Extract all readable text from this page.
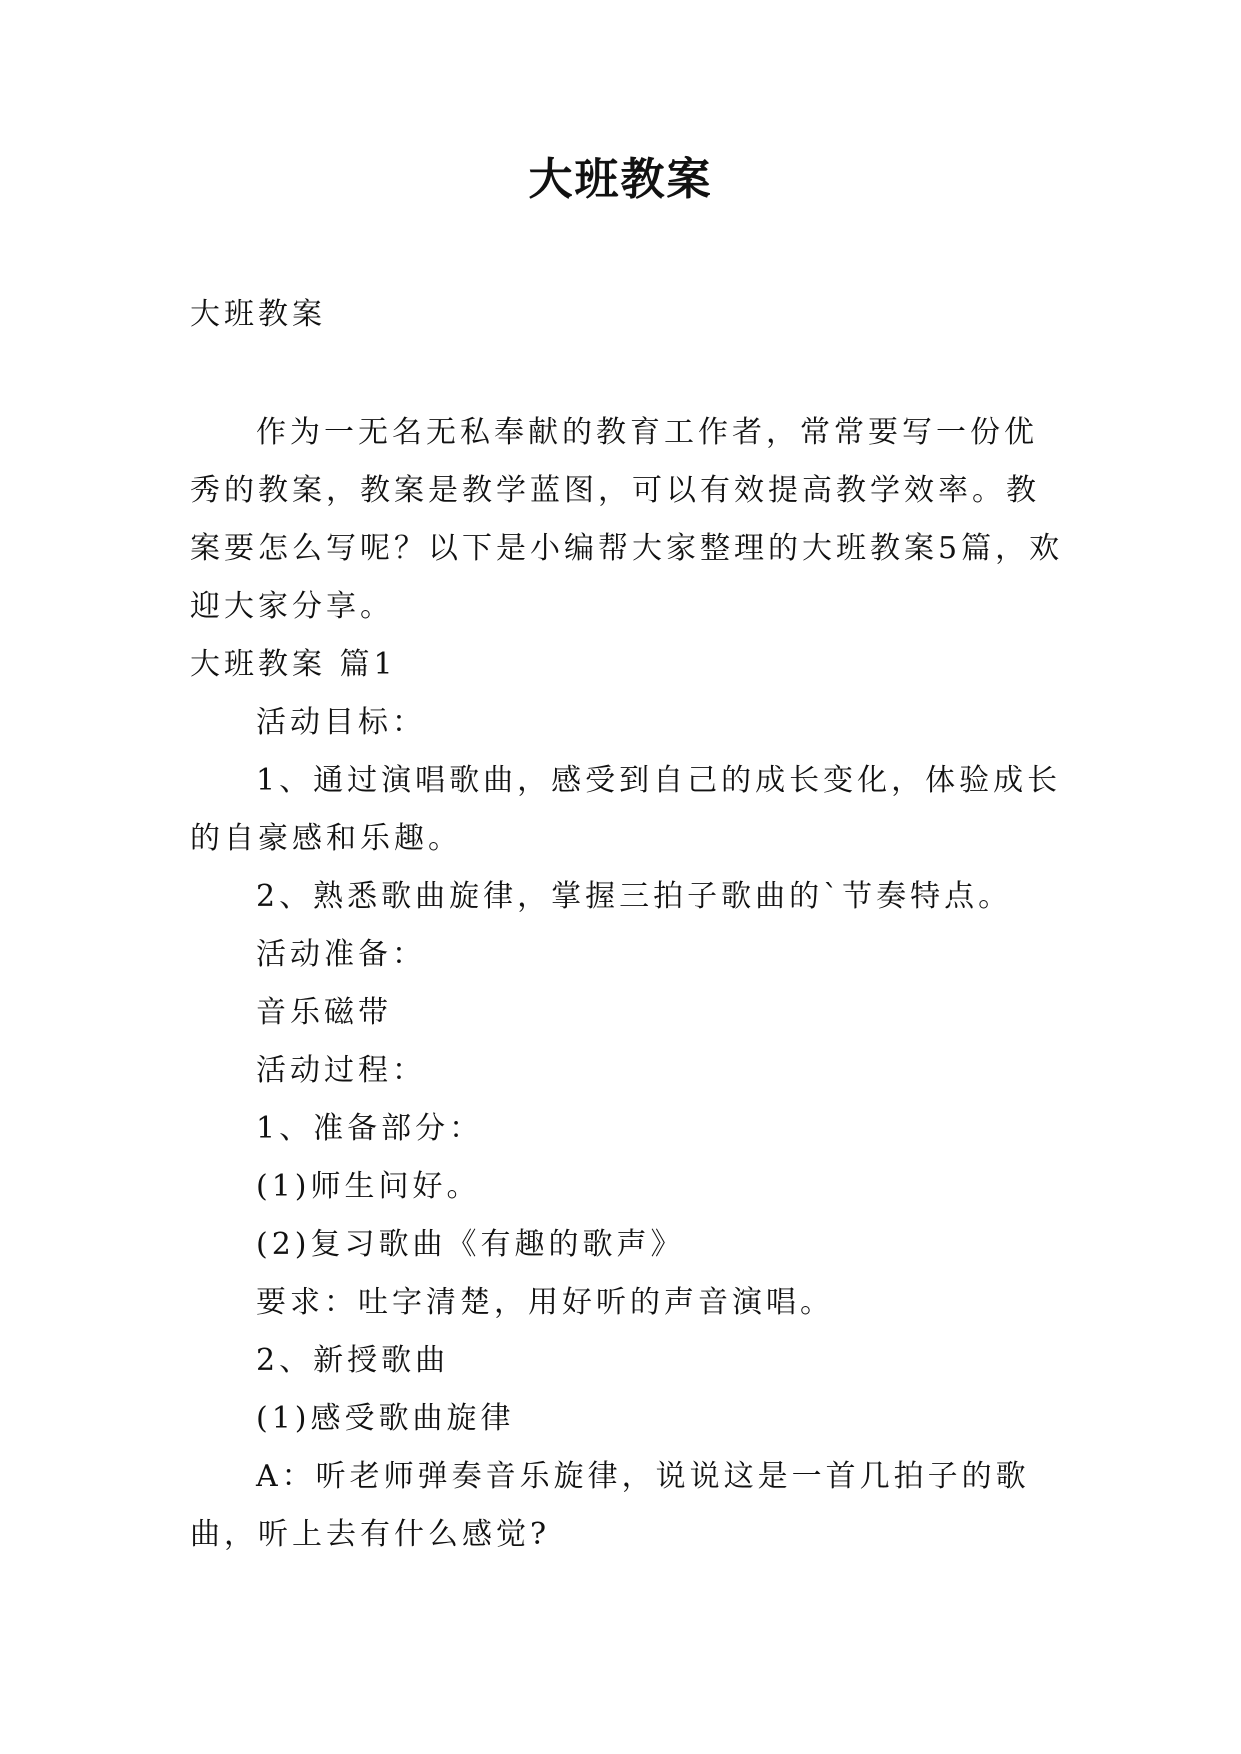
大班教案

大班教案

作为一无名无私奉献的教育工作者，常常要写一份优秀的教案，教案是教学蓝图，可以有效提高教学效率。教案要怎么写呢？以下是小编帮大家整理的大班教案5篇，欢迎大家分享。

大班教案 篇1

活动目标：

1、通过演唱歌曲，感受到自己的成长变化，体验成长的自豪感和乐趣。

2、熟悉歌曲旋律，掌握三拍子歌曲的`节奏特点。

活动准备：

音乐磁带

活动过程：

1、准备部分：

(1)师生问好。

(2)复习歌曲《有趣的歌声》

要求：吐字清楚，用好听的声音演唱。

2、新授歌曲

(1)感受歌曲旋律

A：听老师弹奏音乐旋律，说说这是一首几拍子的歌曲，听上去有什么感觉?
